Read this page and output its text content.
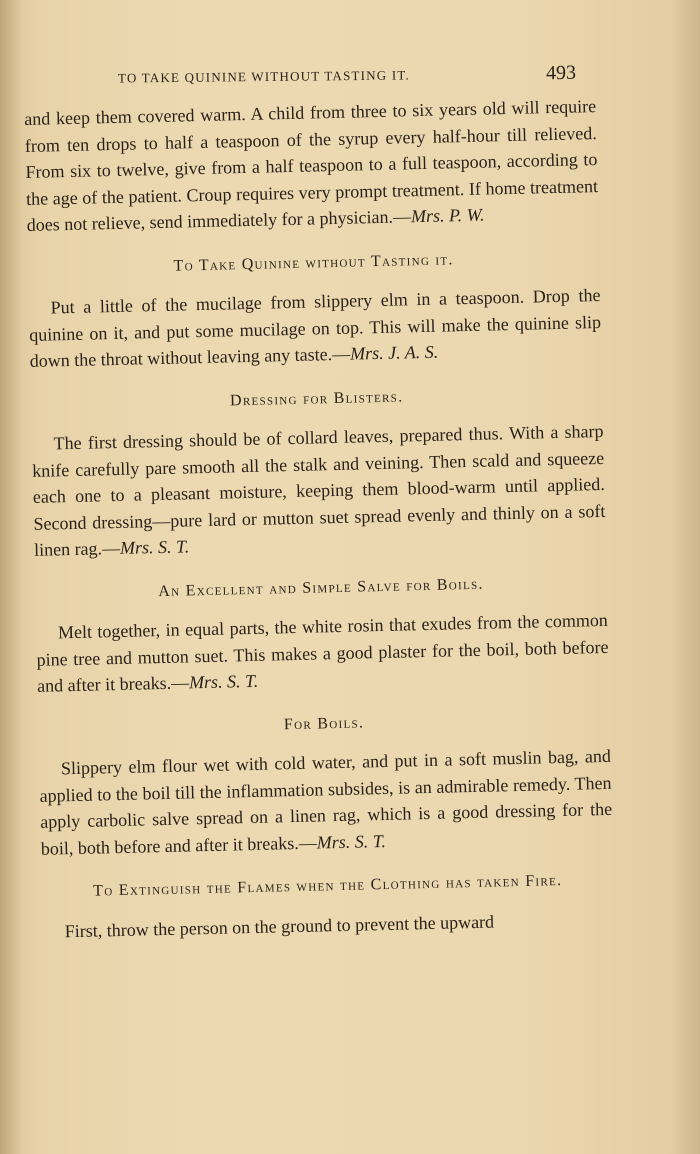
TO TAKE QUININE WITHOUT TASTING IT.	493

and keep them covered warm. A child from three to six years old will require from ten drops to half a teaspoon of the syrup every half-hour till relieved. From six to twelve, give from a half teaspoon to a full teaspoon, according to the age of the patient. Croup requires very prompt treatment. If home treatment does not relieve, send immediately for a physician.—Mrs. P. W.

To Take Quinine without Tasting it.

Put a little of the mucilage from slippery elm in a teaspoon. Drop the quinine on it, and put some mucilage on top. This will make the quinine slip down the throat without leaving any taste.—Mrs. J. A. S.

Dressing for Blisters.

The first dressing should be of collard leaves, prepared thus. With a sharp knife carefully pare smooth all the stalk and veining. Then scald and squeeze each one to a pleasant moisture, keeping them blood-warm until applied. Second dressing—pure lard or mutton suet spread evenly and thinly on a soft linen rag.—Mrs. S. T.

An Excellent and Simple Salve for Boils.

Melt together, in equal parts, the white rosin that exudes from the common pine tree and mutton suet. This makes a good plaster for the boil, both before and after it breaks.—Mrs. S. T.

For Boils.

Slippery elm flour wet with cold water, and put in a soft muslin bag, and applied to the boil till the inflammation subsides, is an admirable remedy. Then apply carbolic salve spread on a linen rag, which is a good dressing for the boil, both before and after it breaks.—Mrs. S. T.

To Extinguish the Flames when the Clothing has taken Fire.

First, throw the person on the ground to prevent the upward
